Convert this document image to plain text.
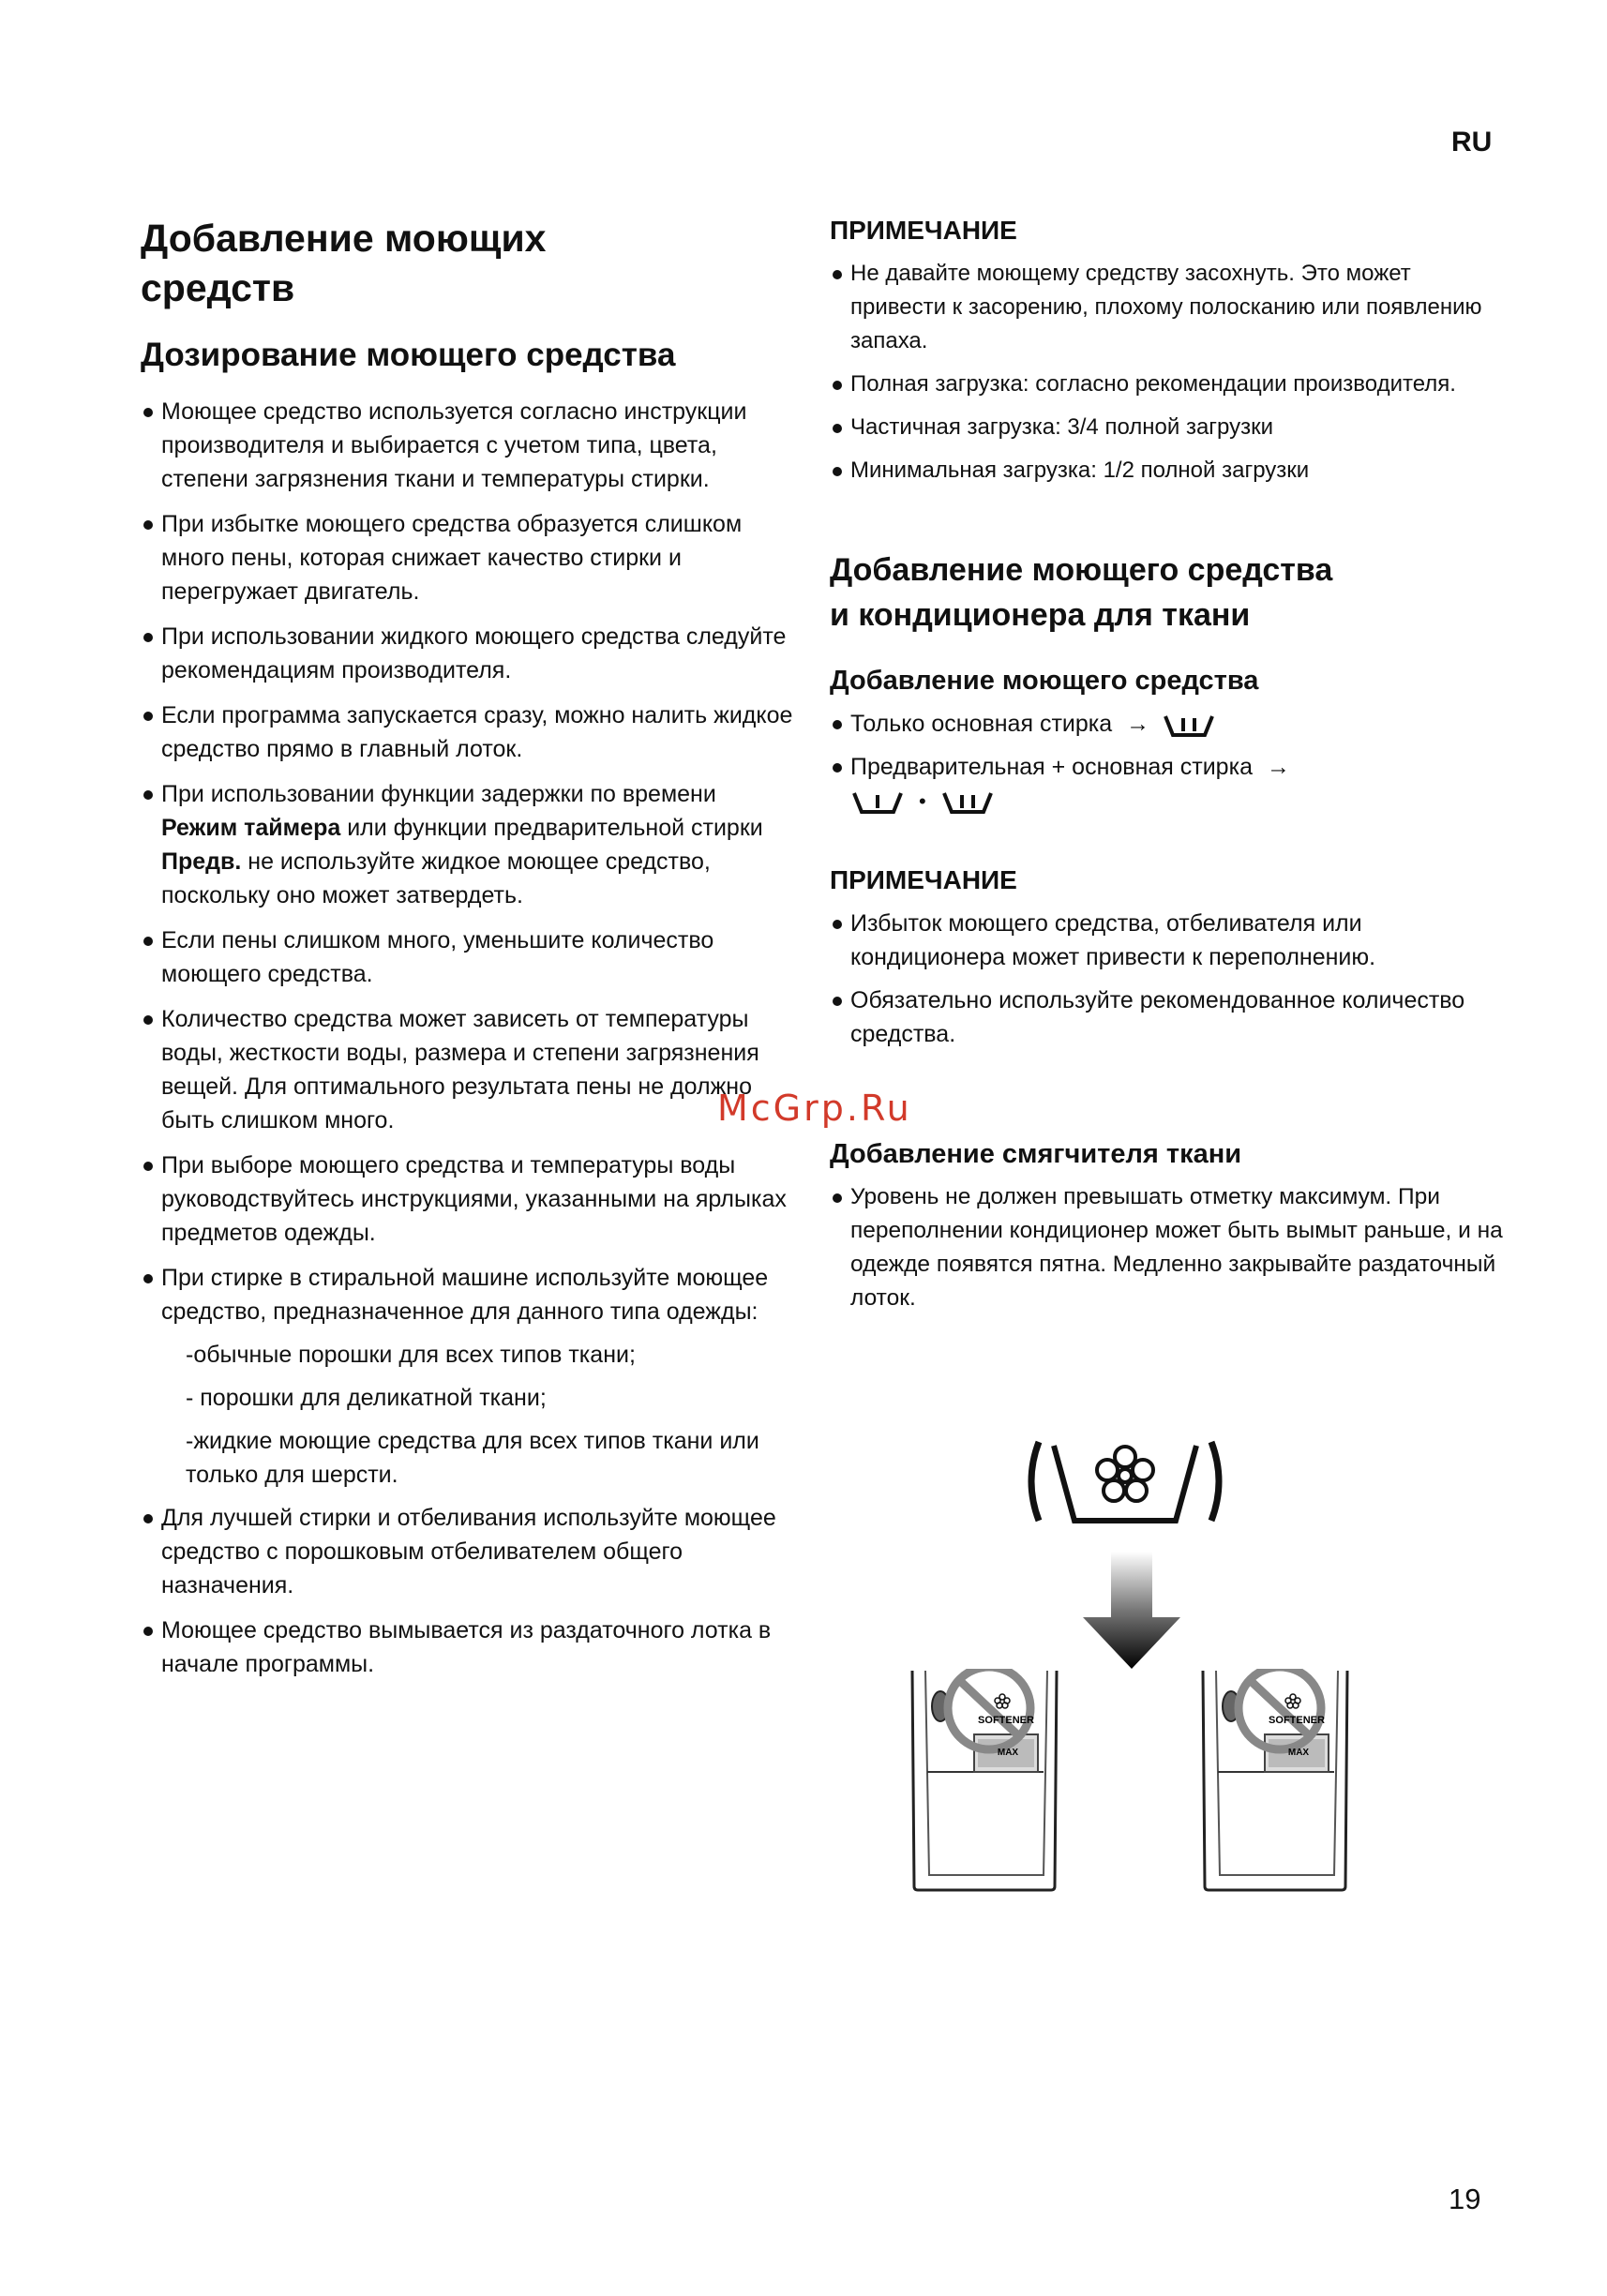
RU
19
McGrp.Ru
Добавление моющих
средств
Дозирование моющего средства
Моющее средство используется согласно инструкции производителя и выбирается с учетом типа, цвета, степени загрязнения ткани и температуры стирки.
При избытке моющего средства образуется слишком много пены, которая снижает качество стирки и перегружает двигатель.
При использовании жидкого моющего средства следуйте рекомендациям производителя.
Если программа запускается сразу, можно налить жидкое средство прямо в главный лоток.
При использовании функции задержки по времени Режим таймера или функции предварительной стирки Предв. не используйте жидкое моющее средство, поскольку оно может затвердеть.
Если пены слишком много, уменьшите количество моющего средства.
Количество средства может зависеть от температуры воды, жесткости воды, размера и степени загрязнения вещей. Для оптимального результата пены не должно быть слишком много.
При выборе моющего средства и температуры воды руководствуйтесь инструкциями, указанными на ярлыках предметов одежды.
При стирке в стиральной машине используйте моющее средство, предназначенное для данного типа одежды:
-обычные порошки для всех типов ткани;
- порошки для деликатной ткани;
-жидкие моющие средства для всех типов ткани или только для шерсти.
Для лучшей стирки и отбеливания используйте моющее средство с порошковым отбеливателем общего назначения.
Моющее средство вымывается из раздаточного лотка в начале программы.
ПРИМЕЧАНИЕ
Не давайте моющему средству засохнуть. Это может привести к засорению, плохому полосканию или появлению запаха.
Полная загрузка: согласно рекомендации производителя.
Частичная загрузка: 3/4 полной загрузки
Минимальная загрузка: 1/2 полной загрузки
Добавление моющего средства
и кондиционера для ткани
Добавление моющего средства
Только основная стирка →
Предварительная + основная стирка →
•
ПРИМЕЧАНИЕ
Избыток моющего средства, отбеливателя или кондиционера может привести к переполнению.
Обязательно используйте рекомендованное количество средства.
Добавление смягчителя ткани
Уровень не должен превышать отметку максимум. При переполнении кондиционер может быть вымыт раньше, и на одежде появятся пятна. Медленно закрывайте раздаточный лоток.
SOFTENER
MAX
SOFTENER
MAX
